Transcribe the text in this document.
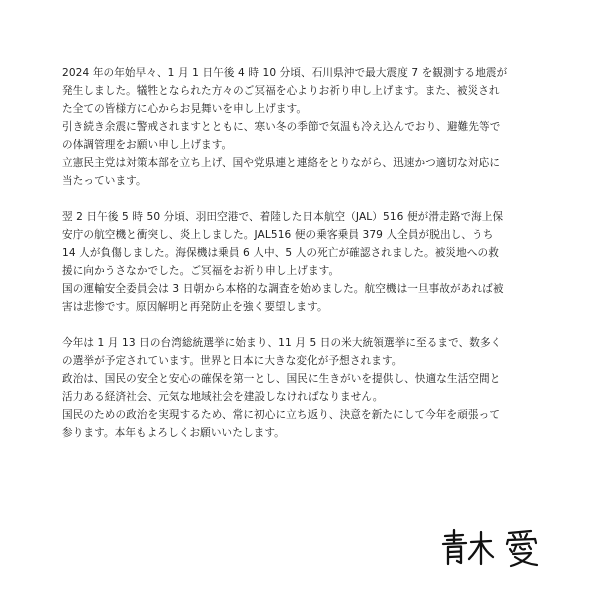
2024 年の年始早々、1 月 1 日午後 4 時 10 分頃、石川県沖で最大震度 7 を観測する地震が
発生しました。犠牲となられた方々のご冥福を心よりお祈り申し上げます。また、被災され
た全ての皆様方に心からお見舞いを申し上げます。
引き続き余震に警戒されますとともに、寒い冬の季節で気温も冷え込んでおり、避難先等で
の体調管理をお願い申し上げます。
立憲民主党は対策本部を立ち上げ、国や党県連と連絡をとりながら、迅速かつ適切な対応に
当たっています。
翌 2 日午後 5 時 50 分頃、羽田空港で、着陸した日本航空（JAL）516 便が滑走路で海上保
安庁の航空機と衝突し、炎上しました。JAL516 便の乗客乗員 379 人全員が脱出し、うち
14 人が負傷しました。海保機は乗員 6 人中、5 人の死亡が確認されました。被災地への救
援に向かうさなかでした。ご冥福をお祈り申し上げます。
国の運輸安全委員会は 3 日朝から本格的な調査を始めました。航空機は一旦事故があれば被
害は悲惨です。原因解明と再発防止を強く要望します。
今年は 1 月 13 日の台湾総統選挙に始まり、11 月 5 日の米大統領選挙に至るまで、数多く
の選挙が予定されています。世界と日本に大きな変化が予想されます。
政治は、国民の安全と安心の確保を第一とし、国民に生きがいを提供し、快適な生活空間と
活力ある経済社会、元気な地域社会を建設しなければなりません。
国民のための政治を実現するため、常に初心に立ち返り、決意を新たにして今年を頑張って
参ります。本年もよろしくお願いいたします。
